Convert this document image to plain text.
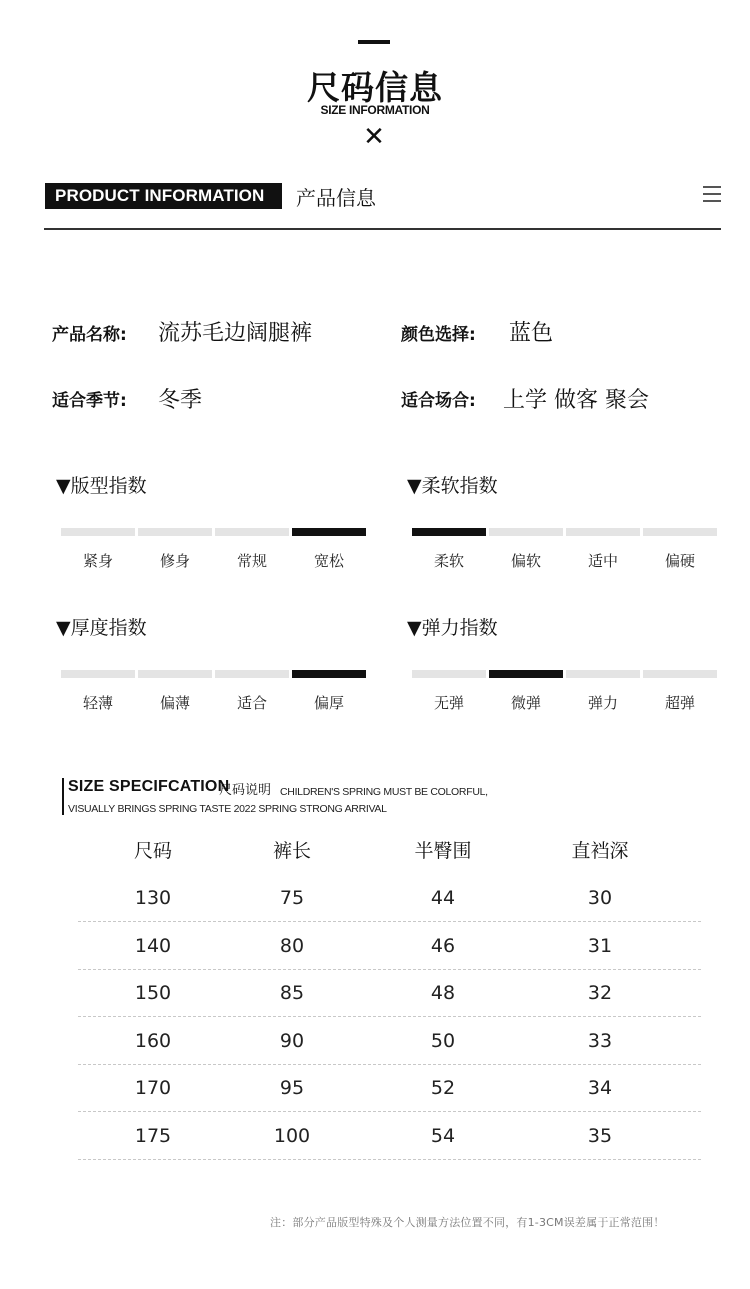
尺码信息
SIZE INFORMATION
✕
PRODUCT INFORMATION	产品信息
产品名称: 流苏毛边阔腿裤	颜色选择: 蓝色
适合季节: 冬季	适合场合: 上学 做客 聚会
▼版型指数
紧身	修身	常规	宽松
▼柔软指数
柔软	偏软	适中	偏硬
▼厚度指数
轻薄	偏薄	适合	偏厚
▼弹力指数
无弹	微弹	弹力	超弹
SIZE SPECIFCATION
尺码说明 CHILDREN'S SPRING MUST BE COLORFUL,
VISUALLY BRINGS SPRING TASTE 2022 SPRING STRONG ARRIVAL
尺码	裤长	半臀围	直裆深
130	75	44	30
140	80	46	31
150	85	48	32
160	90	50	33
170	95	52	34
175	100	54	35
注：部分产品版型特殊及个人测量方法位置不同，有1-3CM误差属于正常范围！
